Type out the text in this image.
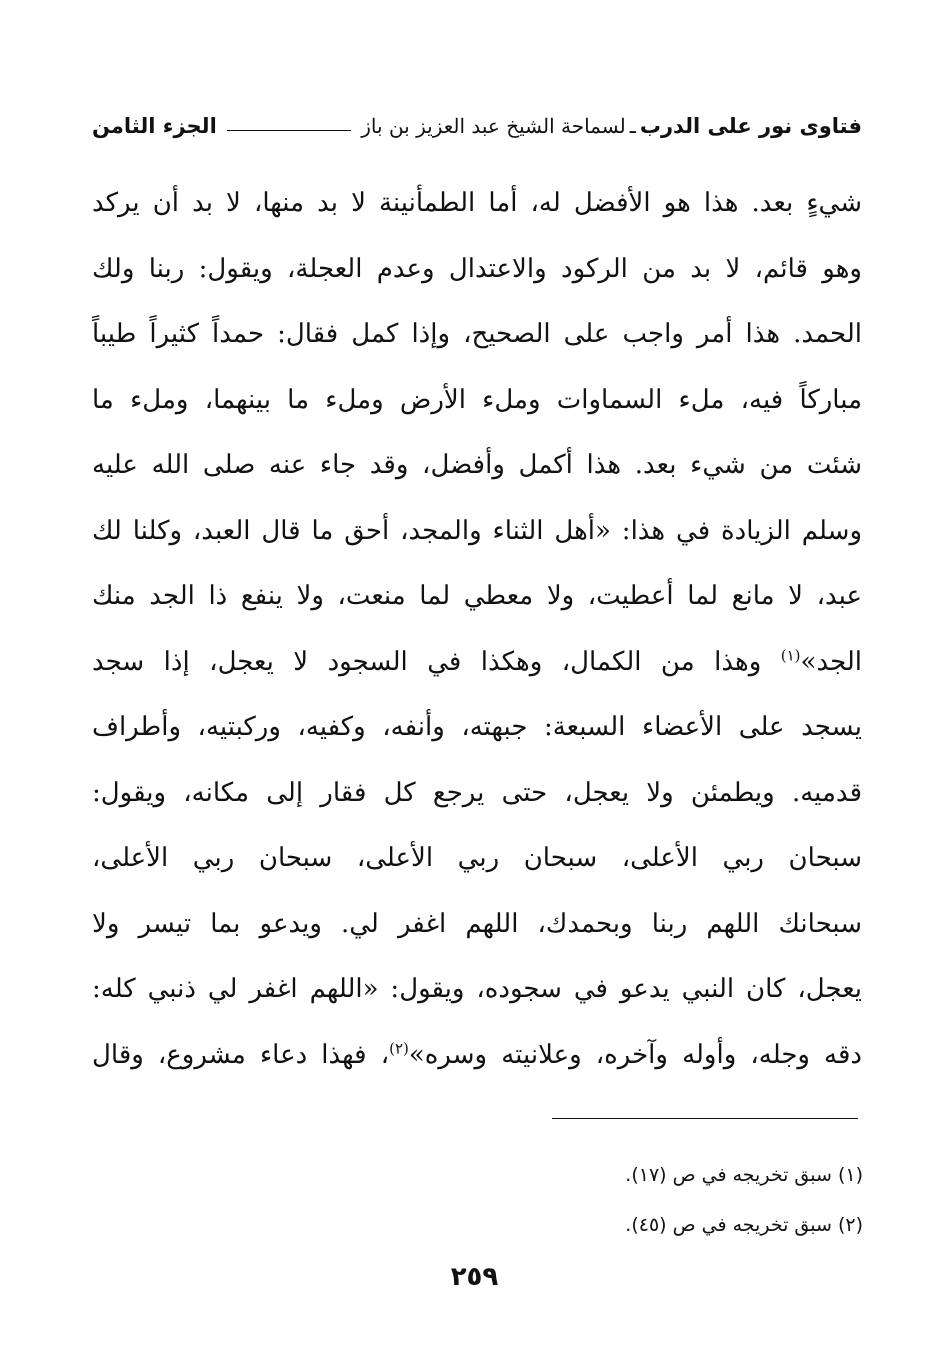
فتاوى نور على الدرب
ـ
لسماحة الشيخ عبد العزيز بن باز
الجزء الثامن
شيءٍ بعد. هذا هو الأفضل له، أما الطمأنينة لا بد منها، لا بد أن يركد
وهو قائم، لا بد من الركود والاعتدال وعدم العجلة، ويقول: ربنا ولك
الحمد. هذا أمر واجب على الصحيح، وإذا كمل فقال: حمداً كثيراً طيباً
مباركاً فيه، ملء السماوات وملء الأرض وملء ما بينهما، وملء ما
شئت من شيء بعد. هذا أكمل وأفضل، وقد جاء عنه صلى الله عليه
وسلم الزيادة في هذا: «أهل الثناء والمجد، أحق ما قال العبد، وكلنا لك
عبد، لا مانع لما أعطيت، ولا معطي لما منعت، ولا ينفع ذا الجد منك
الجد»$^{(١)}$ وهذا من الكمال، وهكذا في السجود لا يعجل، إذا سجد
يسجد على الأعضاء السبعة: جبهته، وأنفه، وكفيه، وركبتيه، وأطراف
قدميه. ويطمئن ولا يعجل، حتى يرجع كل فقار إلى مكانه، ويقول:
سبحان ربي الأعلى، سبحان ربي الأعلى، سبحان ربي الأعلى،
سبحانك اللهم ربنا وبحمدك، اللهم اغفر لي. ويدعو بما تيسر ولا
يعجل، كان النبي يدعو في سجوده، ويقول: «اللهم اغفر لي ذنبي كله:
دقه وجله، وأوله وآخره، وعلانيته وسره»$^{(٢)}$، فهذا دعاء مشروع، وقال
(١) سبق تخريجه في ص (١٧).
(٢) سبق تخريجه في ص (٤٥).
٢٥٩
